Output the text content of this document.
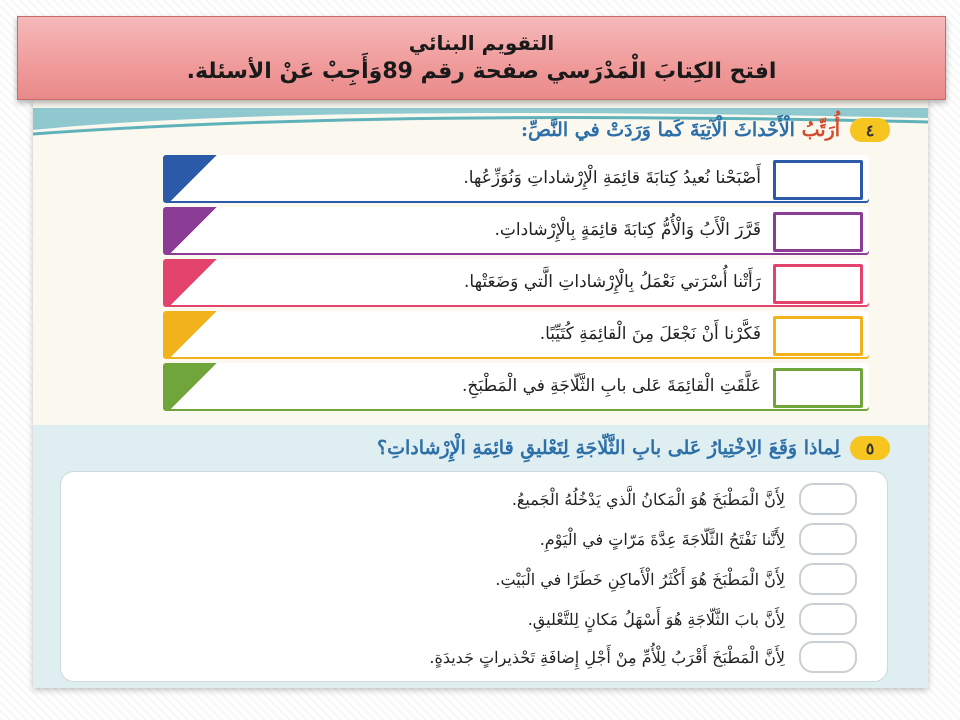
التقويم البنائي
افتح الكِتابَ الْمَدْرَسي صفحة رقم 89وَأَجِبْ عَنْ الأسئلة.
٤
أُرَتِّبُ الْأَحْداثَ الْآتِيَةَ كَما وَرَدَتْ في النَّصِّ:
أَصْبَحْنا نُعيدُ كِتابَةَ قائِمَةِ الْإِرْشاداتِ وَنُوَزِّعُها.
قَرَّرَ الْأَبُ وَالْأُمُّ كِتابَةَ قائِمَةٍ بِالْإِرْشاداتِ.
رَأَتْنا أُسْرَتي نَعْمَلُ بِالْإِرْشاداتِ الَّتي وَضَعَتْها.
فَكَّرْنا أَنْ نَجْعَلَ مِنَ الْقائِمَةِ كُتَيِّبًا.
عَلَّقَتِ الْقائِمَةَ عَلى بابِ الثَّلّاجَةِ في الْمَطْبَخِ.
٥
لِماذا وَقَعَ الِاخْتِيارُ عَلى بابِ الثَّلّاجَةِ لِتَعْليقِ قائِمَةِ الْإِرْشاداتِ؟
لِأَنَّ الْمَطْبَخَ هُوَ الْمَكانُ الَّذي يَدْخُلُهُ الْجَميعُ.
لِأَنَّنا نَفْتَحُ الثَّلّاجَةَ عِدَّةَ مَرّاتٍ في الْيَوْمِ.
لِأَنَّ الْمَطْبَخَ هُوَ أَكْثَرُ الْأَماكِنِ خَطَرًا في الْبَيْتِ.
لِأَنَّ بابَ الثَّلّاجَةِ هُوَ أَسْهَلُ مَكانٍ لِلتَّعْليقِ.
لِأَنَّ الْمَطْبَخَ أَقْرَبُ لِلْأُمِّ مِنْ أَجْلِ إِضافَةِ تَحْذيراتٍ جَديدَةٍ.
